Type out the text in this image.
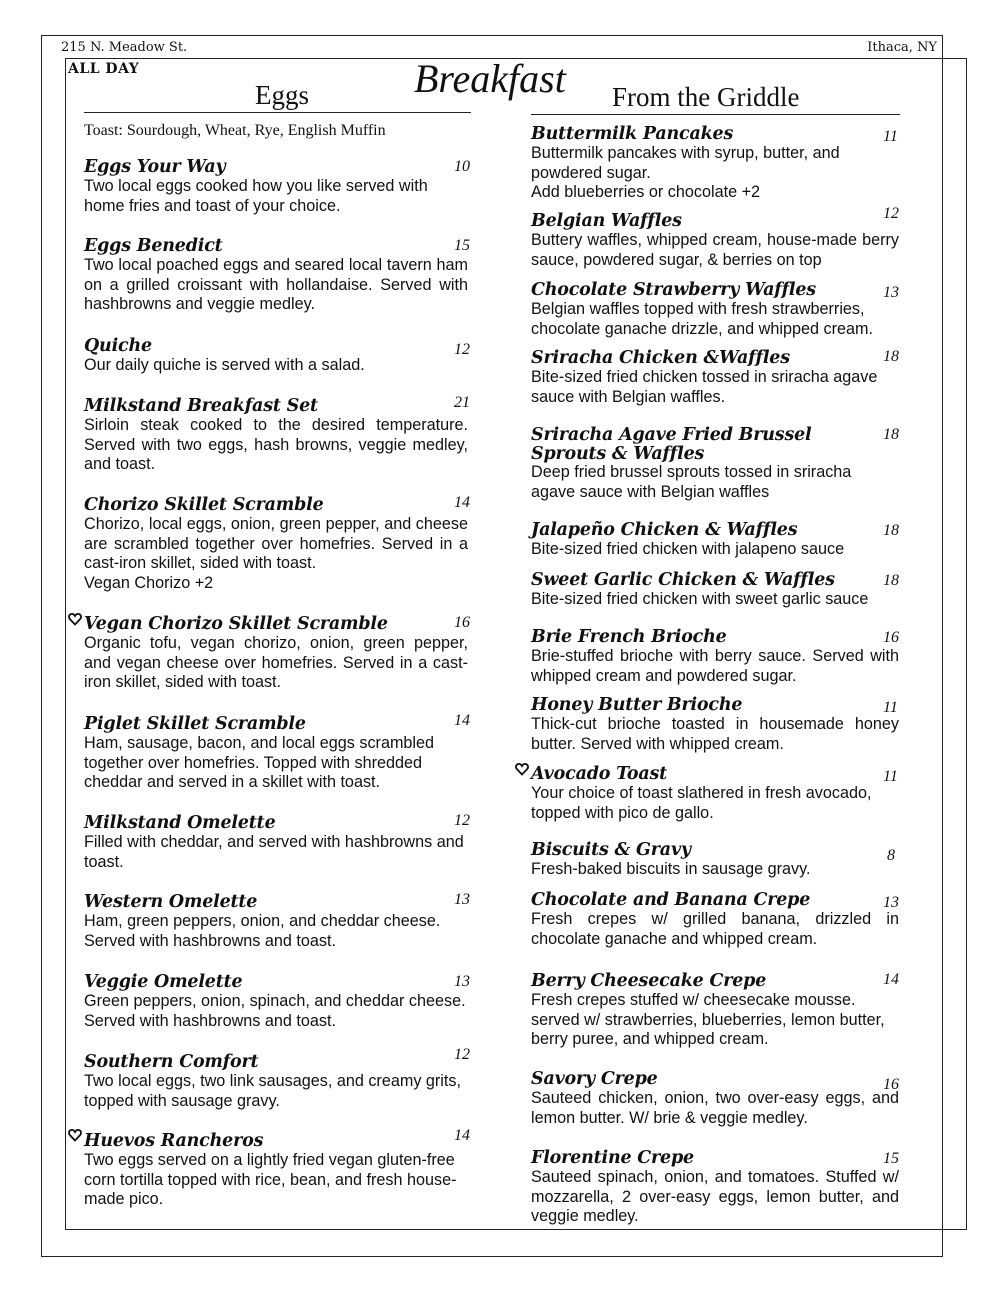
215 N. Meadow St.	Ithaca, NY
ALL DAY	Breakfast
Eggs	From the Griddle
Toast: Sourdough, Wheat, Rye, English Muffin
Eggs Your Way	10
Two local eggs cooked how you like served with home fries and toast of your choice.
Eggs Benedict	15
Two local poached eggs and seared local tavern ham on a grilled croissant with hollandaise. Served with hashbrowns and veggie medley.
Quiche	12
Our daily quiche is served with a salad.
Milkstand Breakfast Set	21
Sirloin steak cooked to the desired temperature. Served with two eggs, hash browns, veggie medley, and toast.
Chorizo Skillet Scramble	14
Chorizo, local eggs, onion, green pepper, and cheese are scrambled together over homefries. Served in a cast-iron skillet, sided with toast.
Vegan Chorizo +2
Vegan Chorizo Skillet Scramble	16
Organic tofu, vegan chorizo, onion, green pepper, and vegan cheese over homefries. Served in a cast-iron skillet, sided with toast.
Piglet Skillet Scramble	14
Ham, sausage, bacon, and local eggs scrambled together over homefries. Topped with shredded cheddar and served in a skillet with toast.
Milkstand Omelette	12
Filled with cheddar, and served with hashbrowns and toast.
Western Omelette	13
Ham, green peppers, onion, and cheddar cheese. Served with hashbrowns and toast.
Veggie Omelette	13
Green peppers, onion, spinach, and cheddar cheese. Served with hashbrowns and toast.
Southern Comfort	12
Two local eggs, two link sausages, and creamy grits, topped with sausage gravy.
Huevos Rancheros	14
Two eggs served on a lightly fried vegan gluten-free corn tortilla topped with rice, bean, and fresh house-made pico.
Buttermilk Pancakes	11
Buttermilk pancakes with syrup, butter, and powdered sugar.
Add blueberries or chocolate +2
Belgian Waffles	12
Buttery waffles, whipped cream, house-made berry sauce, powdered sugar, & berries on top
Chocolate Strawberry Waffles	13
Belgian waffles topped with fresh strawberries, chocolate ganache drizzle, and whipped cream.
Sriracha Chicken &Waffles	18
Bite-sized fried chicken tossed in sriracha agave sauce with Belgian waffles.
Sriracha Agave Fried Brussel Sprouts & Waffles
18
Deep fried brussel sprouts tossed in sriracha agave sauce with Belgian waffles
Jalapeño Chicken & Waffles	18
Bite-sized fried chicken with jalapeno sauce
Sweet Garlic Chicken & Waffles	18
Bite-sized fried chicken with sweet garlic sauce
Brie French Brioche	16
Brie-stuffed brioche with berry sauce. Served with whipped cream and powdered sugar.
Honey Butter Brioche	11
Thick-cut brioche toasted in housemade honey butter. Served with whipped cream.
Avocado Toast	11
Your choice of toast slathered in fresh avocado, topped with pico de gallo.
Biscuits & Gravy	8
Fresh-baked biscuits in sausage gravy.
Chocolate and Banana Crepe	13
Fresh crepes w/ grilled banana, drizzled in chocolate ganache and whipped cream.
Berry Cheesecake Crepe	14
Fresh crepes stuffed w/ cheesecake mousse. served w/ strawberries, blueberries, lemon butter, berry puree, and whipped cream.
Savory Crepe	16
Sauteed chicken, onion, two over-easy eggs, and lemon butter. W/ brie & veggie medley.
Florentine Crepe	15
Sauteed spinach, onion, and tomatoes. Stuffed w/ mozzarella, 2 over-easy eggs, lemon butter, and veggie medley.
